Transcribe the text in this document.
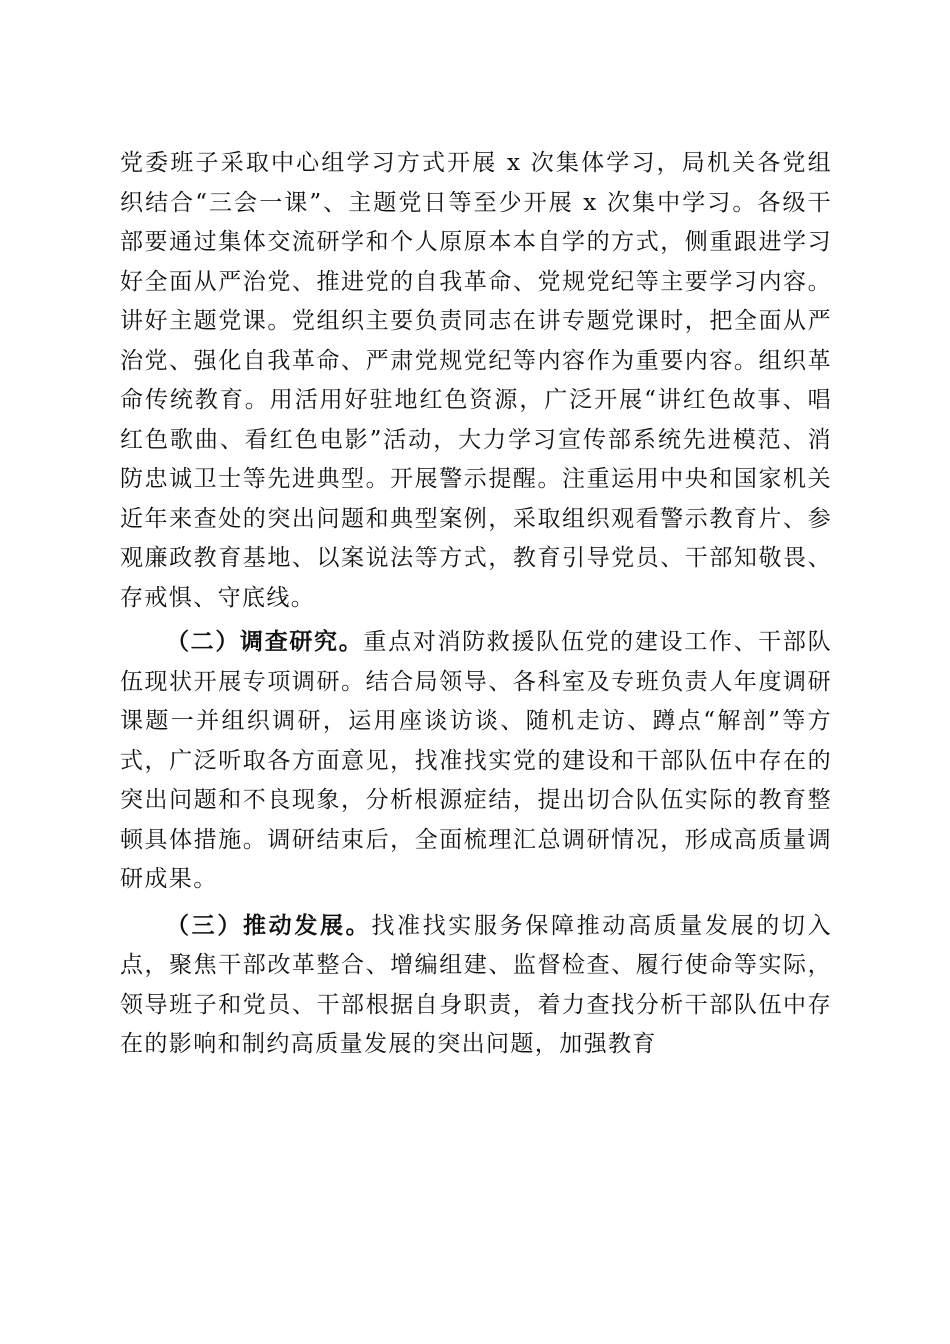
党委班子采取中心组学习方式开展 x 次集体学习，局机关各党组织结合“三会一课”、主题党日等至少开展 x 次集中学习。各级干部要通过集体交流研学和个人原原本本自学的方式，侧重跟进学习好全面从严治党、推进党的自我革命、党规党纪等主要学习内容。讲好主题党课。党组织主要负责同志在讲专题党课时，把全面从严治党、强化自我革命、严肃党规党纪等内容作为重要内容。组织革命传统教育。用活用好驻地红色资源，广泛开展“讲红色故事、唱红色歌曲、看红色电影”活动，大力学习宣传部系统先进模范、消防忠诚卫士等先进典型。开展警示提醒。注重运用中央和国家机关近年来查处的突出问题和典型案例，采取组织观看警示教育片、参观廉政教育基地、以案说法等方式，教育引导党员、干部知敬畏、存戒惧、守底线。

（二）调查研究。重点对消防救援队伍党的建设工作、干部队伍现状开展专项调研。结合局领导、各科室及专班负责人年度调研课题一并组织调研，运用座谈访谈、随机走访、蹲点“解剖”等方式，广泛听取各方面意见，找准找实党的建设和干部队伍中存在的突出问题和不良现象，分析根源症结，提出切合队伍实际的教育整顿具体措施。调研结束后，全面梳理汇总调研情况，形成高质量调研成果。

（三）推动发展。找准找实服务保障推动高质量发展的切入点，聚焦干部改革整合、增编组建、监督检查、履行使命等实际，领导班子和党员、干部根据自身职责，着力查找分析干部队伍中存在的影响和制约高质量发展的突出问题，加强教育
